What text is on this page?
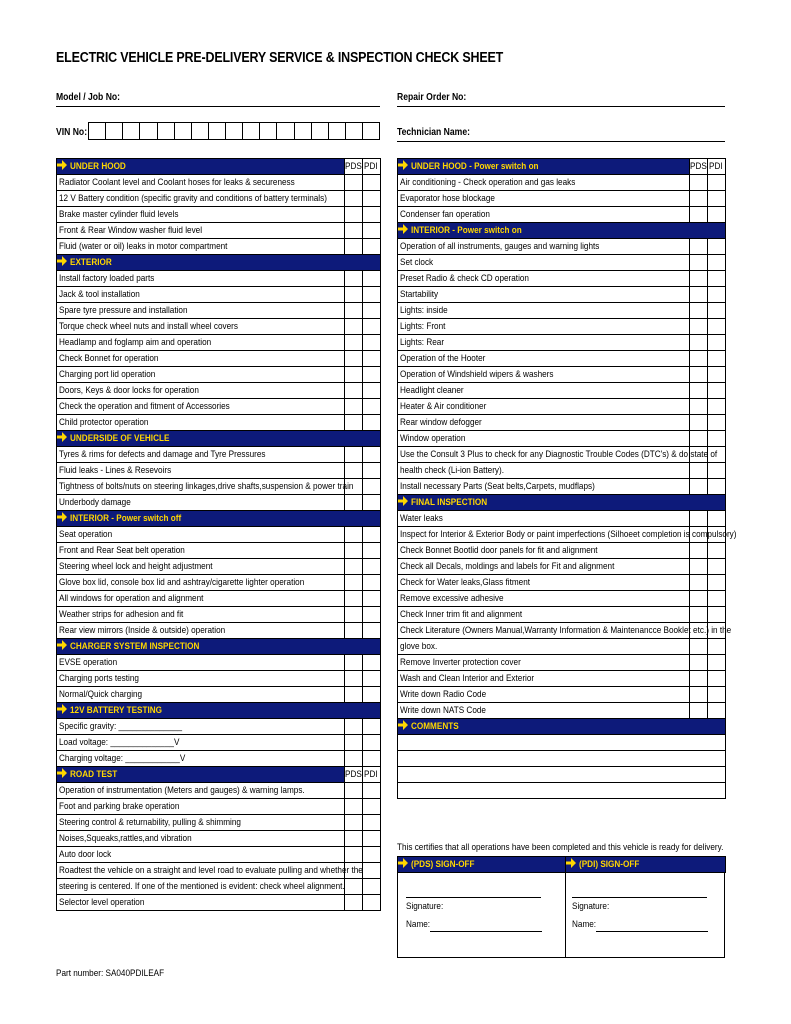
ELECTRIC VEHICLE PRE-DELIVERY SERVICE & INSPECTION CHECK SHEET
Model / Job No:	Repair Order No:
VIN No:	Technician Name:
UNDER HOOD	PDS	PDI
Radiator Coolant level and Coolant hoses for leaks & secureness		
12 V Battery condition (specific gravity and conditions of battery terminals)		
Brake master cylinder fluid levels		
Front & Rear Window washer fluid level		
Fluid (water or oil) leaks in motor compartment		
EXTERIOR		
Install factory loaded parts		
Jack & tool installation		
Spare tyre pressure and installation		
Torque check wheel nuts and install wheel covers		
Headlamp and foglamp aim and operation		
Check Bonnet for operation		
Charging port lid operation		
Doors, Keys & door locks for operation		
Check the operation and fitment of Accessories		
Child protector operation		
UNDERSIDE OF VEHICLE		
Tyres & rims for defects and damage and Tyre Pressures		
Fluid leaks - Lines & Resevoirs		
Tightness of bolts/nuts on steering linkages,drive shafts,suspension & power train		
Underbody damage		
INTERIOR - Power switch off		
Seat operation		
Front and Rear Seat belt operation		
Steering wheel lock and height adjustment		
Glove box lid, console box lid and ashtray/cigarette lighter operation		
All windows for operation and alignment		
Weather strips for adhesion and fit		
Rear view mirrors (Inside & outside) operation		
CHARGER SYSTEM INSPECTION		
EVSE operation		
Charging ports testing		
Normal/Quick charging		
12V BATTERY TESTING		
Specific gravity: ______________		
Load voltage: ______________V		
Charging voltage: ____________V		
ROAD TEST	PDS	PDI
Operation of instrumentation (Meters and gauges) & warning lamps.		
Foot and parking brake operation		
Steering control & returnability, pulling & shimming		
Noises,Squeaks,rattles,and vibration		
Auto door lock		
Roadtest the vehicle on a straight and level road to evaluate pulling and whether the		
steering is centered. If one of the mentioned is evident: check wheel alignment.		
Selector level operation		
UNDER HOOD - Power switch on	PDS	PDI
Air conditioning - Check operation and gas leaks		
Evaporator hose blockage		
Condenser fan operation		
INTERIOR - Power switch on		
Operation of all instruments, gauges and warning lights		
Set clock		
Preset Radio & check CD operation		
Startability		
Lights: inside		
Lights: Front		
Lights: Rear		
Operation of the Hooter		
Operation of Windshield wipers & washers		
Headlight cleaner		
Heater & Air conditioner		
Rear window defogger		
Window operation		
Use the Consult 3 Plus to check for any Diagnostic Trouble Codes (DTC's) & do state of		
health check (Li-ion Battery).		
Install necessary Parts (Seat belts,Carpets, mudflaps)		
FINAL INSPECTION		
Water leaks		
Inspect for Interior & Exterior Body or paint imperfections (Silhoeet completion is compulsory)		
Check Bonnet Bootlid door panels for fit and alignment		
Check all Decals, moldings and labels for Fit and alignment		
Check for Water leaks,Glass fitment		
Remove excessive adhesive		
Check Inner trim fit and alignment		
Check Literature (Owners Manual,Warranty Information & Maintenancce Booklet etc.) in the		
glove box.		
Remove Inverter protection cover		
Wash and Clean Interior and Exterior		
Write down Radio Code		
Write down NATS Code		
COMMENTS		

This certifies that all operations have been completed and this vehicle is ready for delivery.
(PDS) SIGN-OFF	(PDI) SIGN-OFF
Signature:
Name:
Signature:
Name:
Part number: SA040PDILEAF
